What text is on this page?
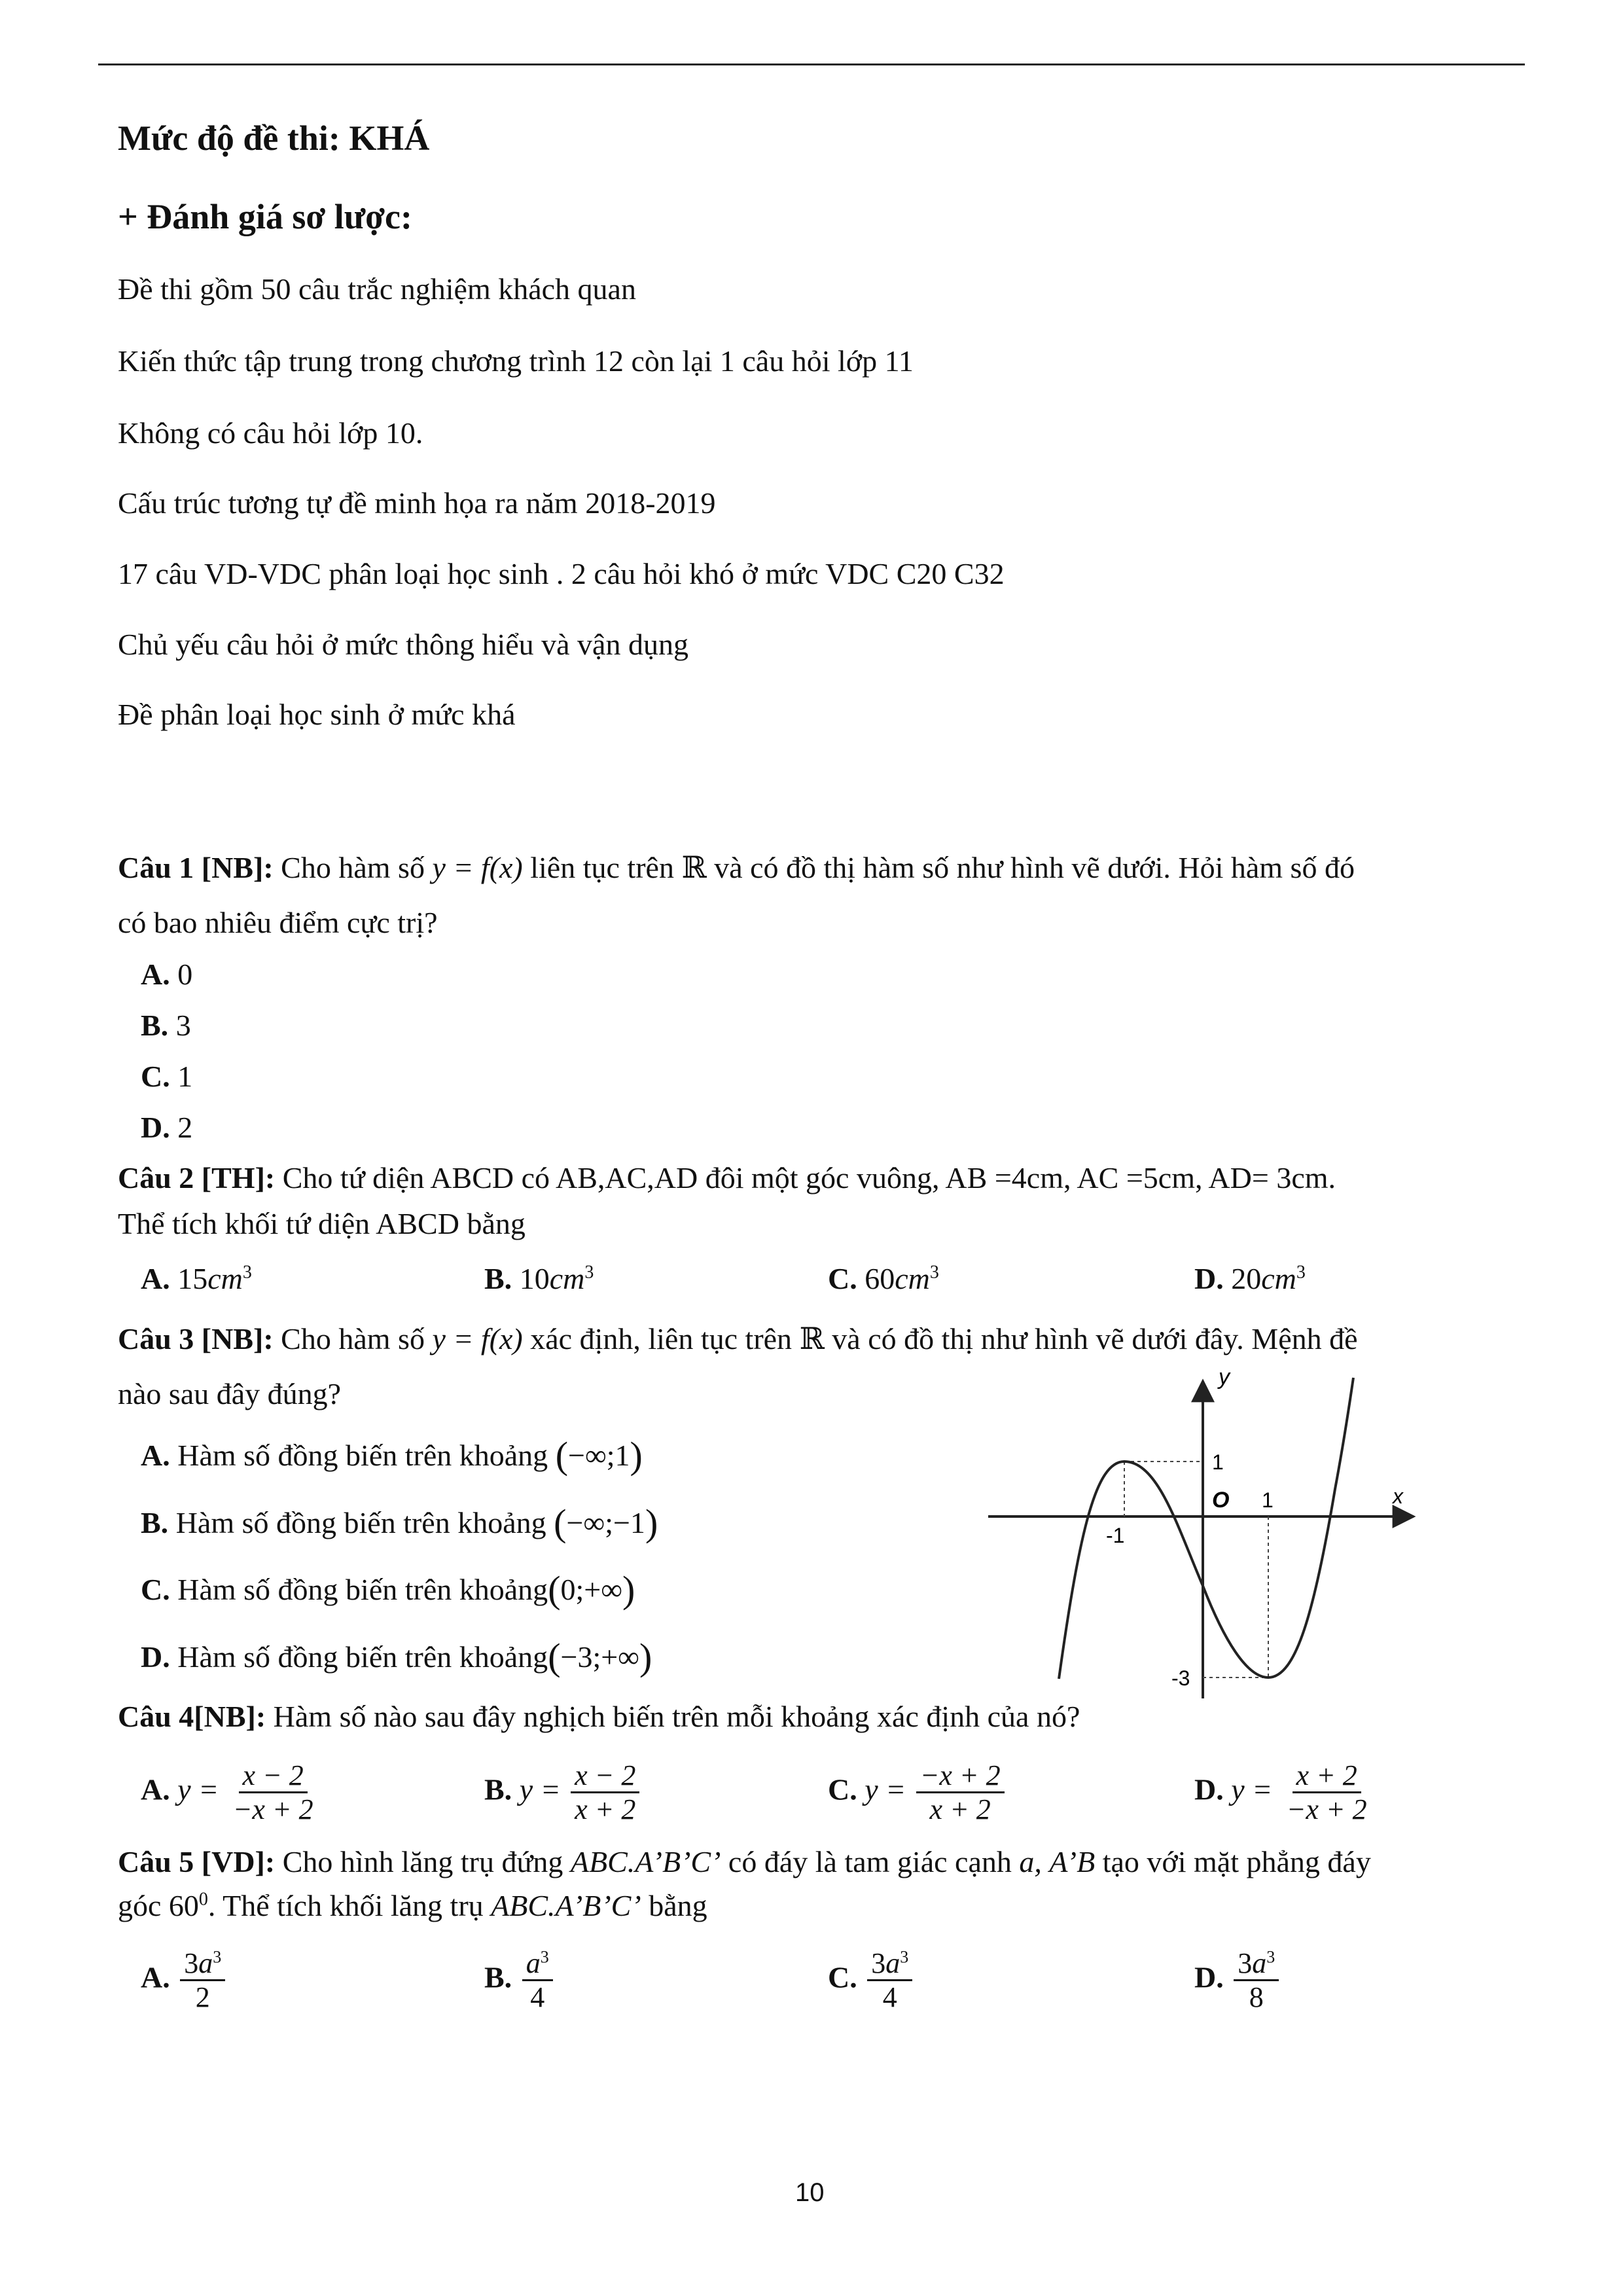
Mức độ đề thi: KHÁ
+ Đánh giá sơ lược:
Đề thi gồm 50 câu trắc nghiệm khách quan
Kiến thức tập trung trong chương trình 12 còn lại 1 câu hỏi lớp 11
Không có câu hỏi lớp 10.
Cấu trúc tương tự đề minh họa ra năm 2018-2019
17 câu VD-VDC phân loại học sinh . 2 câu hỏi khó ở mức VDC C20 C32
Chủ yếu câu hỏi ở mức thông hiểu và vận dụng
Đề phân loại học sinh ở mức khá
Câu 1 [NB]: Cho hàm số y = f(x) liên tục trên ℝ và có đồ thị hàm số như hình vẽ dưới. Hỏi hàm số đó
có bao nhiêu điểm cực trị?
A. 0
B. 3
C. 1
D. 2
Câu 2 [TH]: Cho tứ diện ABCD có AB,AC,AD đôi một góc vuông, AB =4cm, AC =5cm, AD= 3cm.
Thể tích khối tứ diện ABCD bằng
A. $15cm^3$	B. $10cm^3$	C. $60cm^3$	D. $20cm^3$
Câu 3 [NB]: Cho hàm số y = f(x) xác định, liên tục trên ℝ và có đồ thị như hình vẽ dưới đây. Mệnh đề
nào sau đây đúng?
A. Hàm số đồng biến trên khoảng (−∞;1)
B. Hàm số đồng biến trên khoảng (−∞;−1)
C. Hàm số đồng biến trên khoảng(0;+∞)
D. Hàm số đồng biến trên khoảng(−3;+∞)
y
x
O
-1
1
1
-3
Câu 4[NB]: Hàm số nào sau đây nghịch biến trên mỗi khoảng xác định của nó?
A. $y = \frac{x - 2}{-x + 2}$	B. $y = \frac{x - 2}{x + 2}$	C. $y = \frac{-x + 2}{x + 2}$	D. $y = \frac{x + 2}{-x + 2}$
Câu 5 [VD]: Cho hình lăng trụ đứng ABC.A’B’C’ có đáy là tam giác cạnh a, A’B tạo với mặt phẳng đáy
góc $60^0$. Thể tích khối lăng trụ ABC.A’B’C’ bằng
A. $\frac{3a^3}{2}$	B. $\frac{a^3}{4}$	C. $\frac{3a^3}{4}$	D. $\frac{3a^3}{8}$
10
